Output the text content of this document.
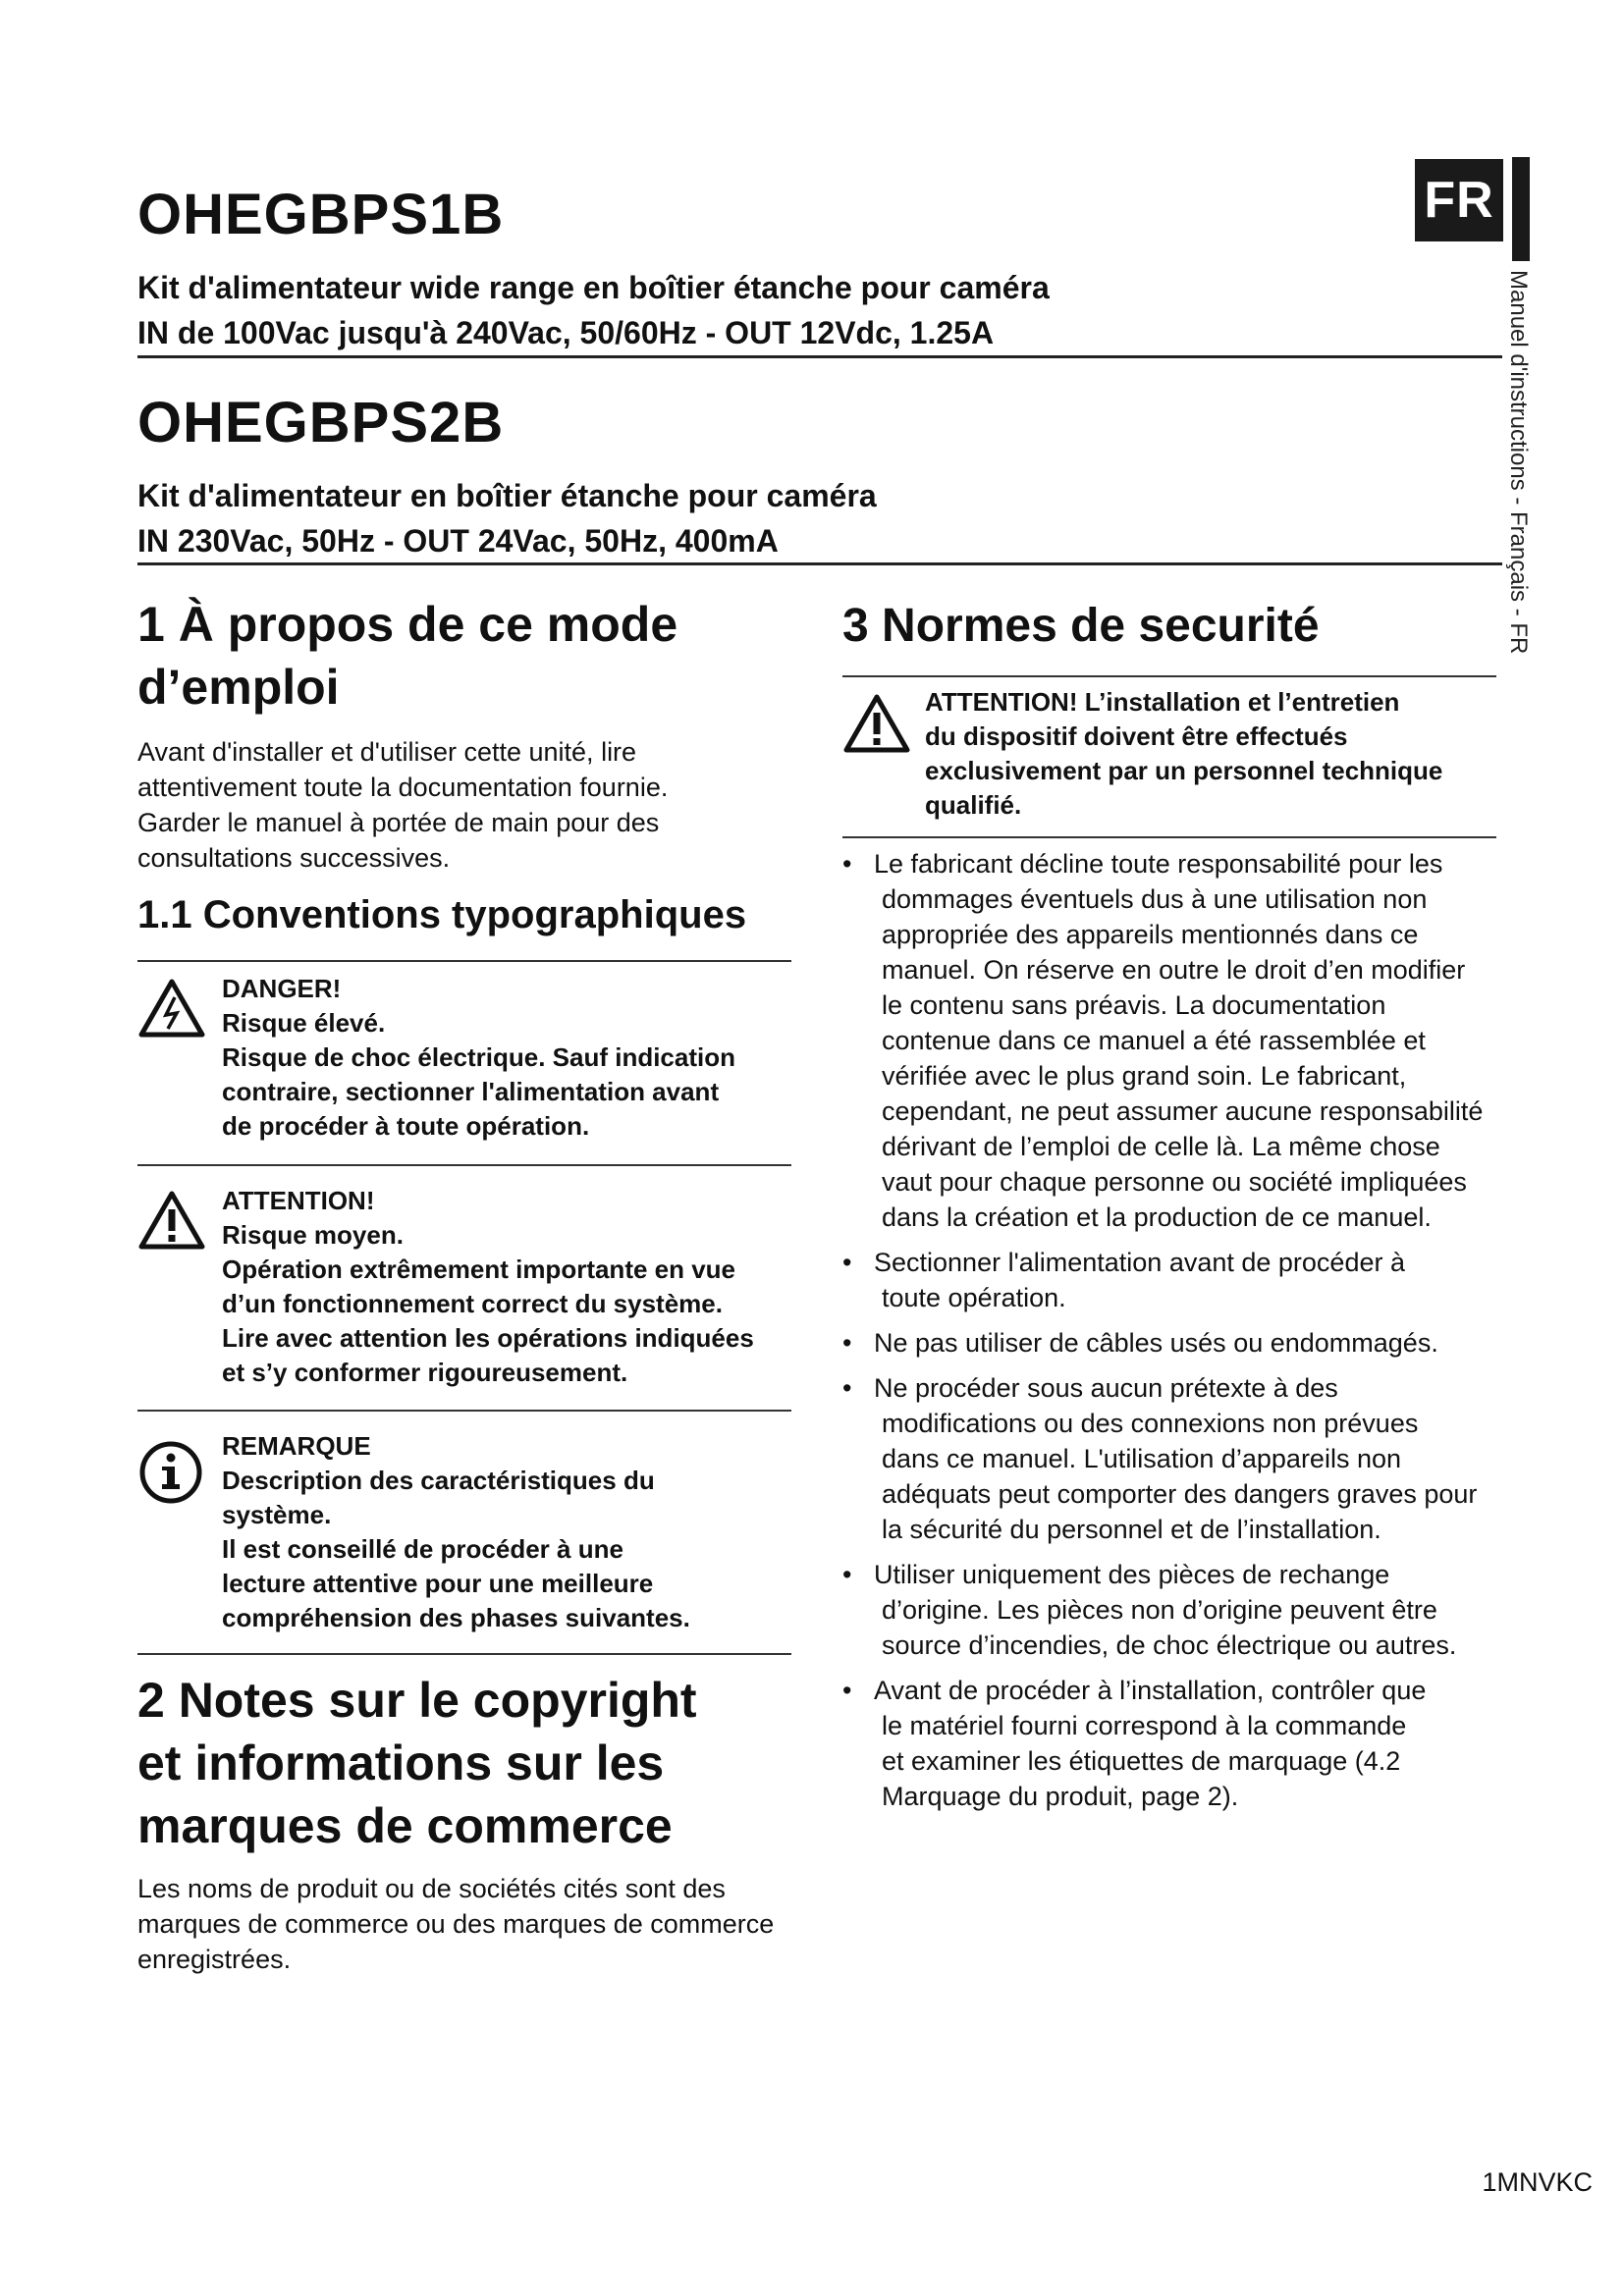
OHEGBPS1B
Kit d'alimentateur wide range en boîtier étanche pour caméra
IN de 100Vac jusqu'à 240Vac, 50/60Hz - OUT 12Vdc, 1.25A
OHEGBPS2B
Kit d'alimentateur en boîtier étanche pour caméra
IN 230Vac, 50Hz - OUT 24Vac, 50Hz, 400mA
FR
Manuel d'instructions - Français - FR
1 À propos de ce mode
d’emploi
Avant d'installer et d'utiliser cette unité, lire
attentivement toute la documentation fournie.
Garder le manuel à portée de main pour des
consultations successives.
1.1 Conventions typographiques
DANGER!
Risque élevé.
Risque de choc électrique. Sauf indication
contraire, sectionner l'alimentation avant
de procéder à toute opération.
ATTENTION!
Risque moyen.
Opération extrêmement importante en vue
d’un fonctionnement correct du système.
Lire avec attention les opérations indiquées
et s’y conformer rigoureusement.
REMARQUE
Description des caractéristiques du
système.
Il est conseillé de procéder à une
lecture attentive pour une meilleure
compréhension des phases suivantes.
2 Notes sur le copyright
et informations sur les
marques de commerce
Les noms de produit ou de sociétés cités sont des
marques de commerce ou des marques de commerce
enregistrées.
3 Normes de securité
ATTENTION! L’installation et l’entretien
du dispositif doivent être effectués
exclusivement par un personnel technique
qualifié.
• Le fabricant décline toute responsabilité pour les
dommages éventuels dus à une utilisation non
appropriée des appareils mentionnés dans ce
manuel. On réserve en outre le droit d’en modifier
le contenu sans préavis. La documentation
contenue dans ce manuel a été rassemblée et
vérifiée avec le plus grand soin. Le fabricant,
cependant, ne peut assumer aucune responsabilité
dérivant de l’emploi de celle là. La même chose
vaut pour chaque personne ou société impliquées
dans la création et la production de ce manuel.
• Sectionner l'alimentation avant de procéder à
toute opération.
• Ne pas utiliser de câbles usés ou endommagés.
• Ne procéder sous aucun prétexte à des
modifications ou des connexions non prévues
dans ce manuel. L'utilisation d’appareils non
adéquats peut comporter des dangers graves pour
la sécurité du personnel et de l’installation.
• Utiliser uniquement des pièces de rechange
d’origine. Les pièces non d’origine peuvent être
source d’incendies, de choc électrique ou autres.
• Avant de procéder à l’installation, contrôler que
le matériel fourni correspond à la commande
et examiner les étiquettes de marquage (4.2
Marquage du produit, page 2).
1MNVKC
